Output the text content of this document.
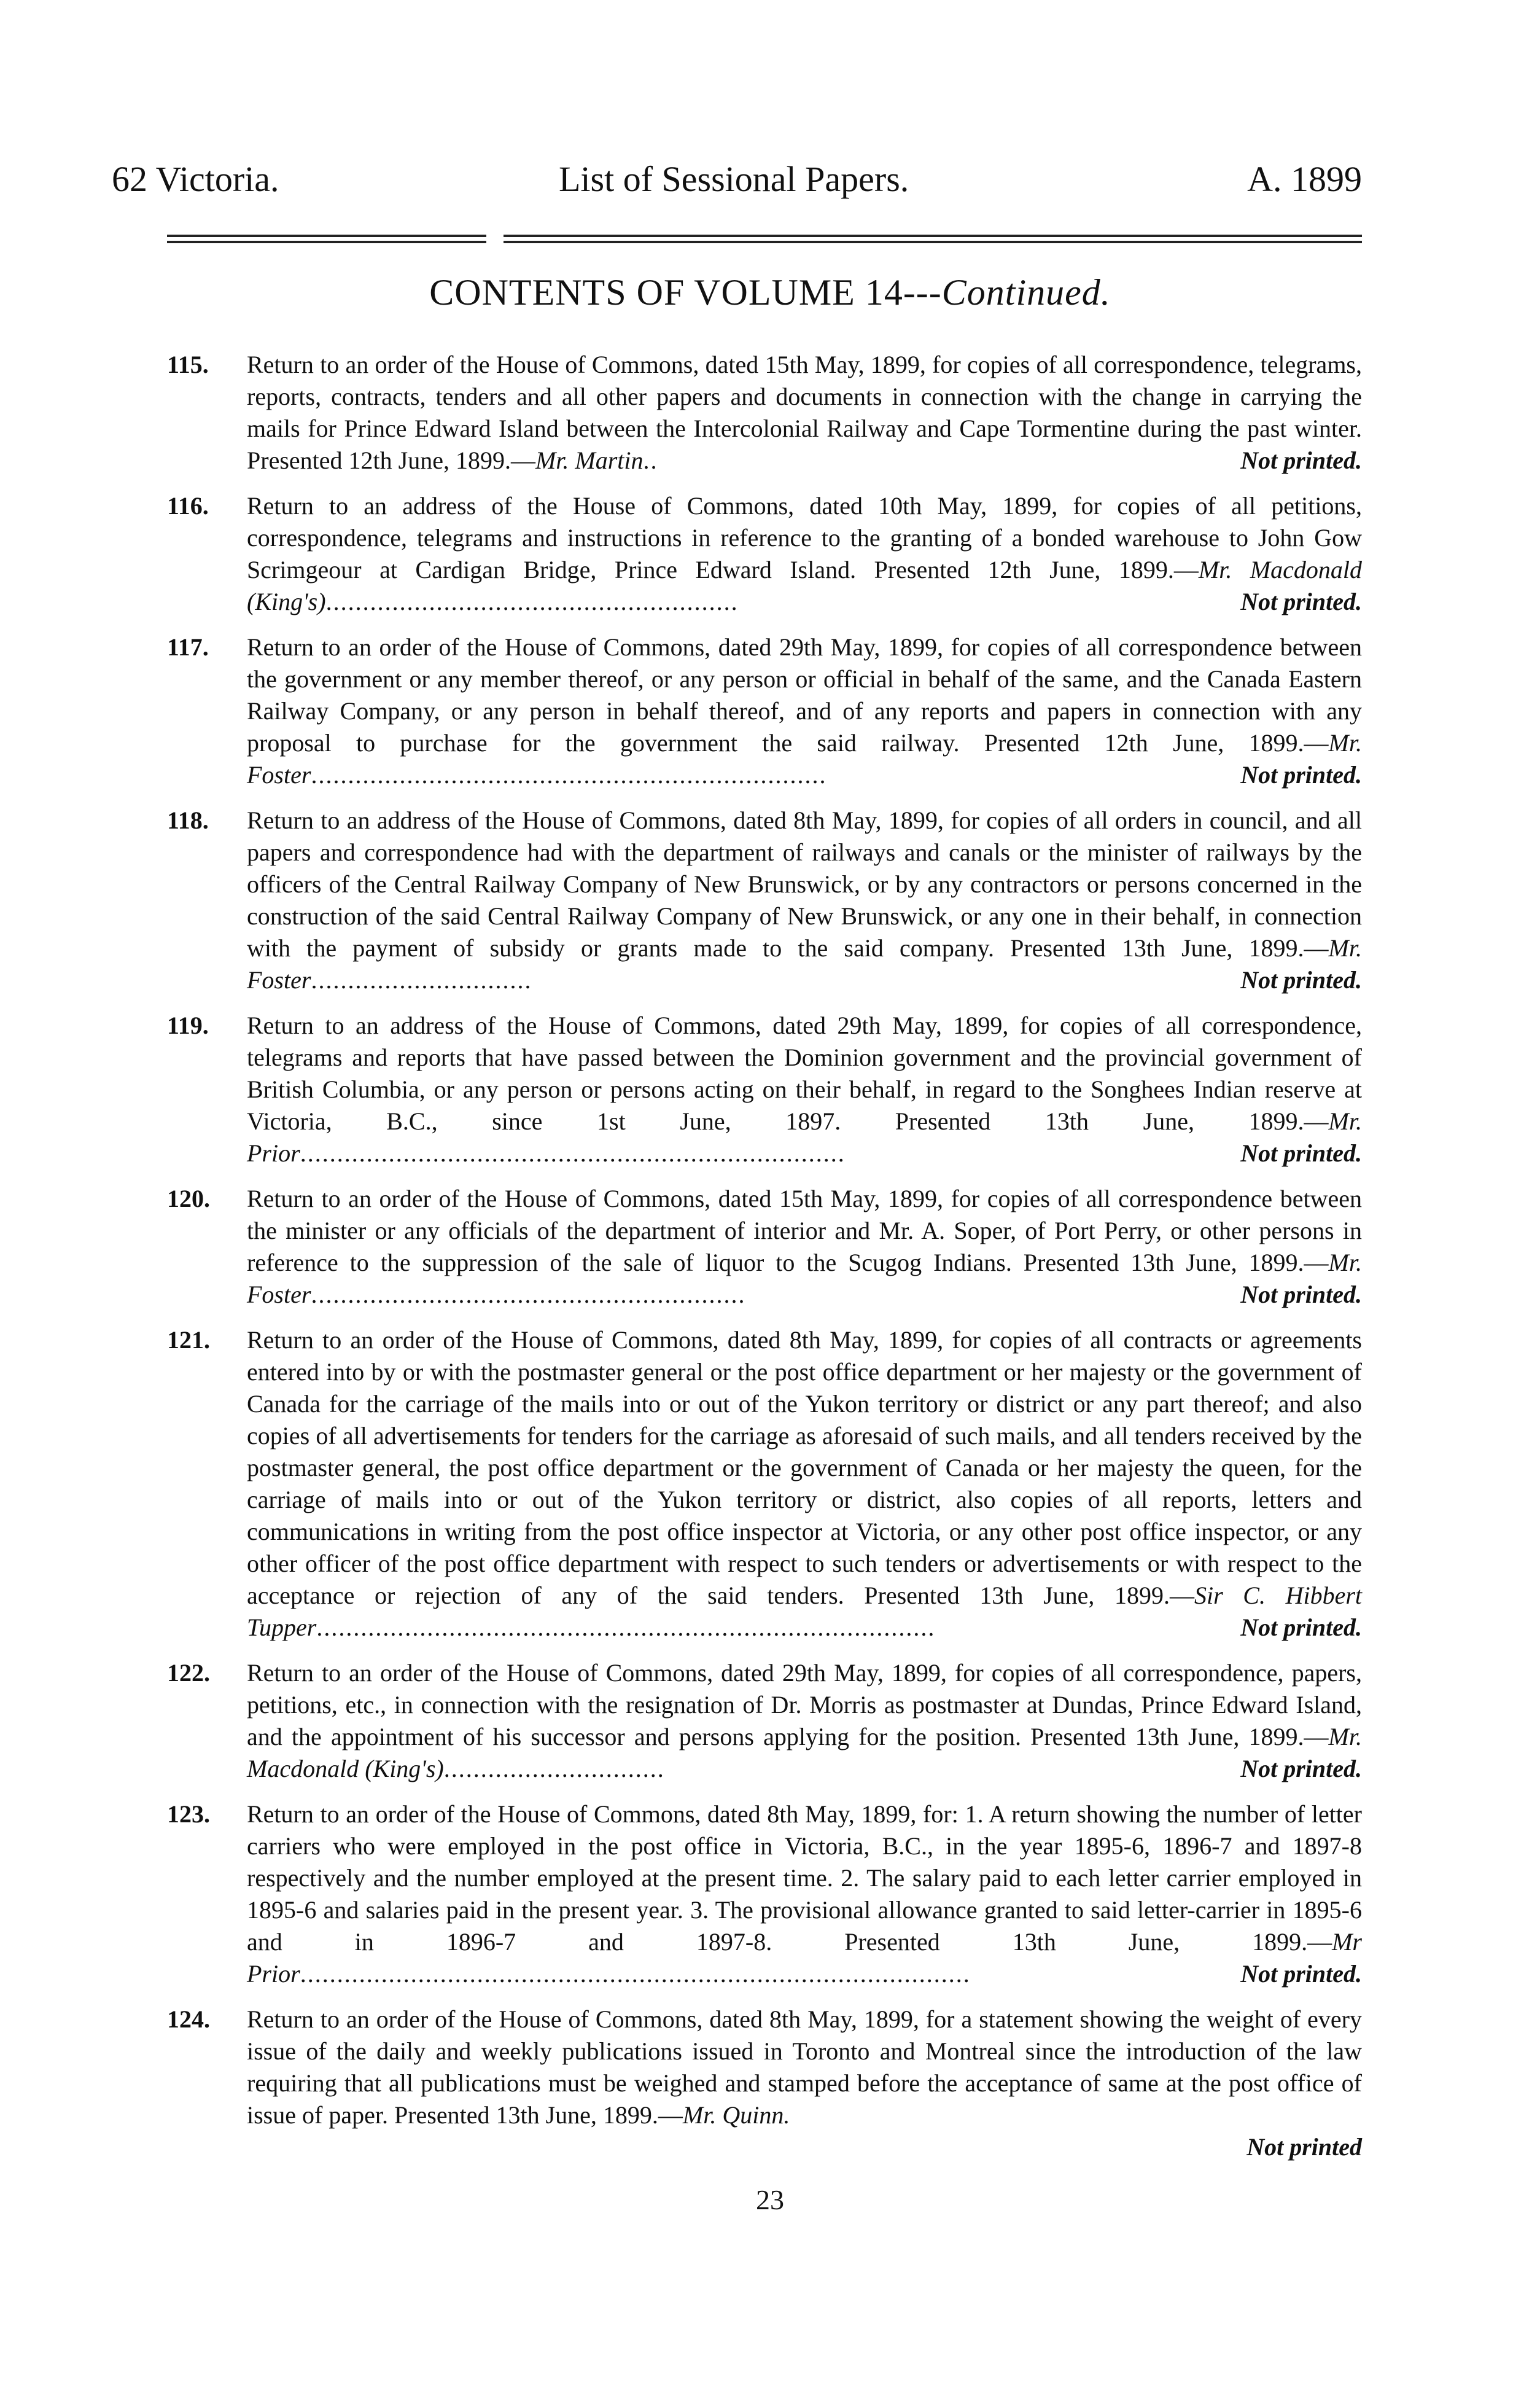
62 Victoria.	List of Sessional Papers.	A. 1899
CONTENTS OF VOLUME 14---Continued.
115.	Return to an order of the House of Commons, dated 15th May, 1899, for copies of all correspondence, telegrams, reports, contracts, tenders and all other papers and documents in connection with the change in carrying the mails for Prince Edward Island between the Intercolonial Railway and Cape Tormentine during the past winter. Presented 12th June, 1899.—Mr. Martin..	Not printed.
116.	Return to an address of the House of Commons, dated 10th May, 1899, for copies of all petitions, correspondence, telegrams and instructions in reference to the granting of a bonded warehouse to John Gow Scrimgeour at Cardigan Bridge, Prince Edward Island. Presented 12th June, 1899.—Mr. Macdonald (King's)........................................................	Not printed.
117.	Return to an order of the House of Commons, dated 29th May, 1899, for copies of all correspondence between the government or any member thereof, or any person or official in behalf of the same, and the Canada Eastern Railway Company, or any person in behalf thereof, and of any reports and papers in connection with any proposal to purchase for the government the said railway. Presented 12th June, 1899.—Mr. Foster......................................................................	Not printed.
118.	Return to an address of the House of Commons, dated 8th May, 1899, for copies of all orders in council, and all papers and correspondence had with the department of railways and canals or the minister of railways by the officers of the Central Railway Company of New Brunswick, or by any contractors or persons concerned in the construction of the said Central Railway Company of New Brunswick, or any one in their behalf, in connection with the payment of subsidy or grants made to the said company. Presented 13th June, 1899.—Mr. Foster..............................	Not printed.
119.	Return to an address of the House of Commons, dated 29th May, 1899, for copies of all correspondence, telegrams and reports that have passed between the Dominion government and the provincial government of British Columbia, or any person or persons acting on their behalf, in regard to the Songhees Indian reserve at Victoria, B.C., since 1st June, 1897. Presented 13th June, 1899.—Mr. Prior..........................................................................	Not printed.
120.	Return to an order of the House of Commons, dated 15th May, 1899, for copies of all correspondence between the minister or any officials of the department of interior and Mr. A. Soper, of Port Perry, or other persons in reference to the suppression of the sale of liquor to the Scugog Indians. Presented 13th June, 1899.—Mr. Foster...........................................................	Not printed.
121.	Return to an order of the House of Commons, dated 8th May, 1899, for copies of all contracts or agreements entered into by or with the postmaster general or the post office department or her majesty or the government of Canada for the carriage of the mails into or out of the Yukon territory or district or any part thereof; and also copies of all advertisements for tenders for the carriage as aforesaid of such mails, and all tenders received by the postmaster general, the post office department or the government of Canada or her majesty the queen, for the carriage of mails into or out of the Yukon territory or district, also copies of all reports, letters and communications in writing from the post office inspector at Victoria, or any other post office inspector, or any other officer of the post office department with respect to such tenders or advertisements or with respect to the acceptance or rejection of any of the said tenders. Presented 13th June, 1899.—Sir C. Hibbert Tupper....................................................................................	Not printed.
122.	Return to an order of the House of Commons, dated 29th May, 1899, for copies of all correspondence, papers, petitions, etc., in connection with the resignation of Dr. Morris as postmaster at Dundas, Prince Edward Island, and the appointment of his successor and persons applying for the position. Presented 13th June, 1899.—Mr. Macdonald (King's)..............................	Not printed.
123.	Return to an order of the House of Commons, dated 8th May, 1899, for: 1. A return showing the number of letter carriers who were employed in the post office in Victoria, B.C., in the year 1895-6, 1896-7 and 1897-8 respectively and the number employed at the present time. 2. The salary paid to each letter carrier employed in 1895-6 and salaries paid in the present year. 3. The provisional allowance granted to said letter-carrier in 1895-6 and in 1896-7 and 1897-8. Presented 13th June, 1899.—Mr Prior...........................................................................................	Not printed.
124.	Return to an order of the House of Commons, dated 8th May, 1899, for a statement showing the weight of every issue of the daily and weekly publications issued in Toronto and Montreal since the introduction of the law requiring that all publications must be weighed and stamped before the acceptance of same at the post office of issue of paper. Presented 13th June, 1899.—Mr. Quinn.
Not printed
23
